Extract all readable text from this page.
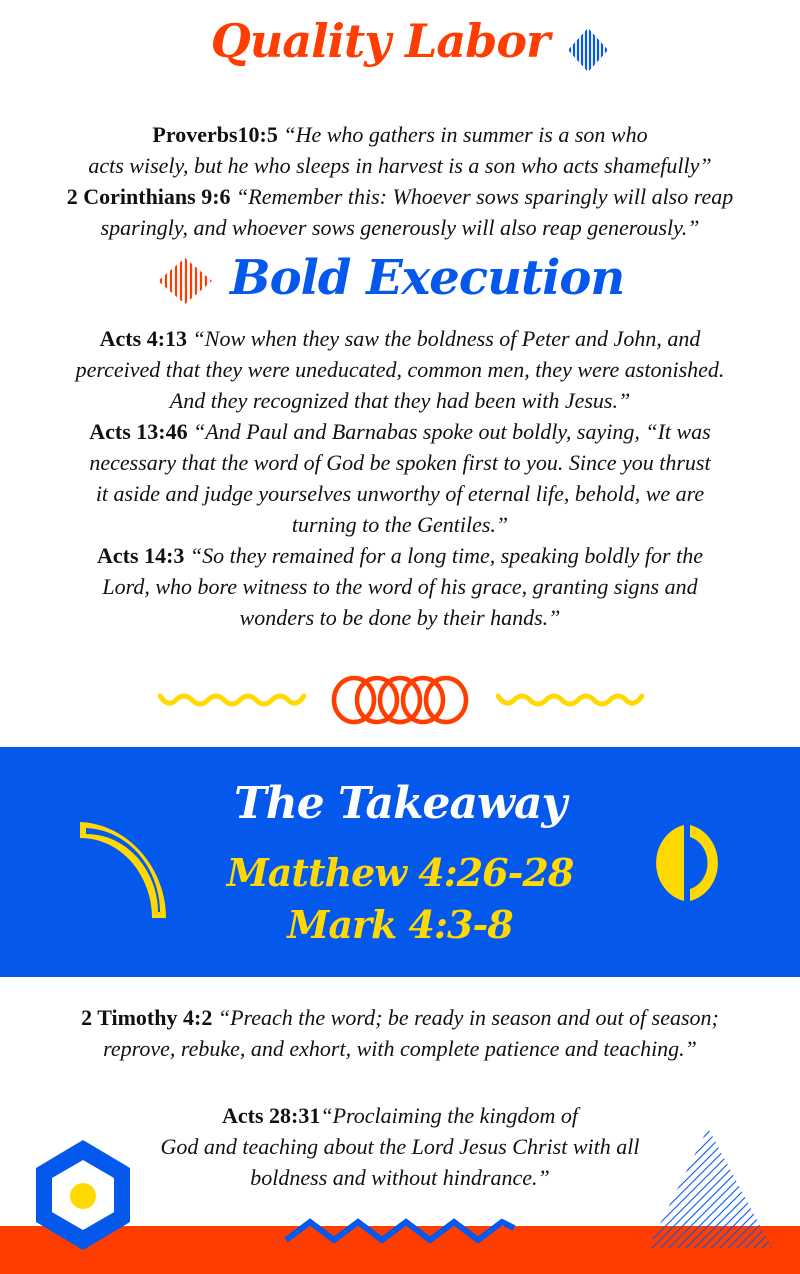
Quality Labor
Proverbs10:5 “He who gathers in summer is a son who
acts wisely, but he who sleeps in harvest is a son who acts shamefully”
2 Corinthians 9:6 “Remember this: Whoever sows sparingly will also reap
sparingly, and whoever sows generously will also reap generously.”
Bold Execution
Acts 4:13 “Now when they saw the boldness of Peter and John, and
perceived that they were uneducated, common men, they were astonished.
And they recognized that they had been with Jesus.”
Acts 13:46 “And Paul and Barnabas spoke out boldly, saying, “It was
necessary that the word of God be spoken first to you. Since you thrust
it aside and judge yourselves unworthy of eternal life, behold, we are
turning to the Gentiles.”
Acts 14:3 “So they remained for a long time, speaking boldly for the
Lord, who bore witness to the word of his grace, granting signs and
wonders to be done by their hands.”
The Takeaway
Matthew 4:26-28
Mark 4:3-8
2 Timothy 4:2 “Preach the word; be ready in season and out of season;
reprove, rebuke, and exhort, with complete patience and teaching.”
Acts 28:31“Proclaiming the kingdom of
God and teaching about the Lord Jesus Christ with all
boldness and without hindrance.”
